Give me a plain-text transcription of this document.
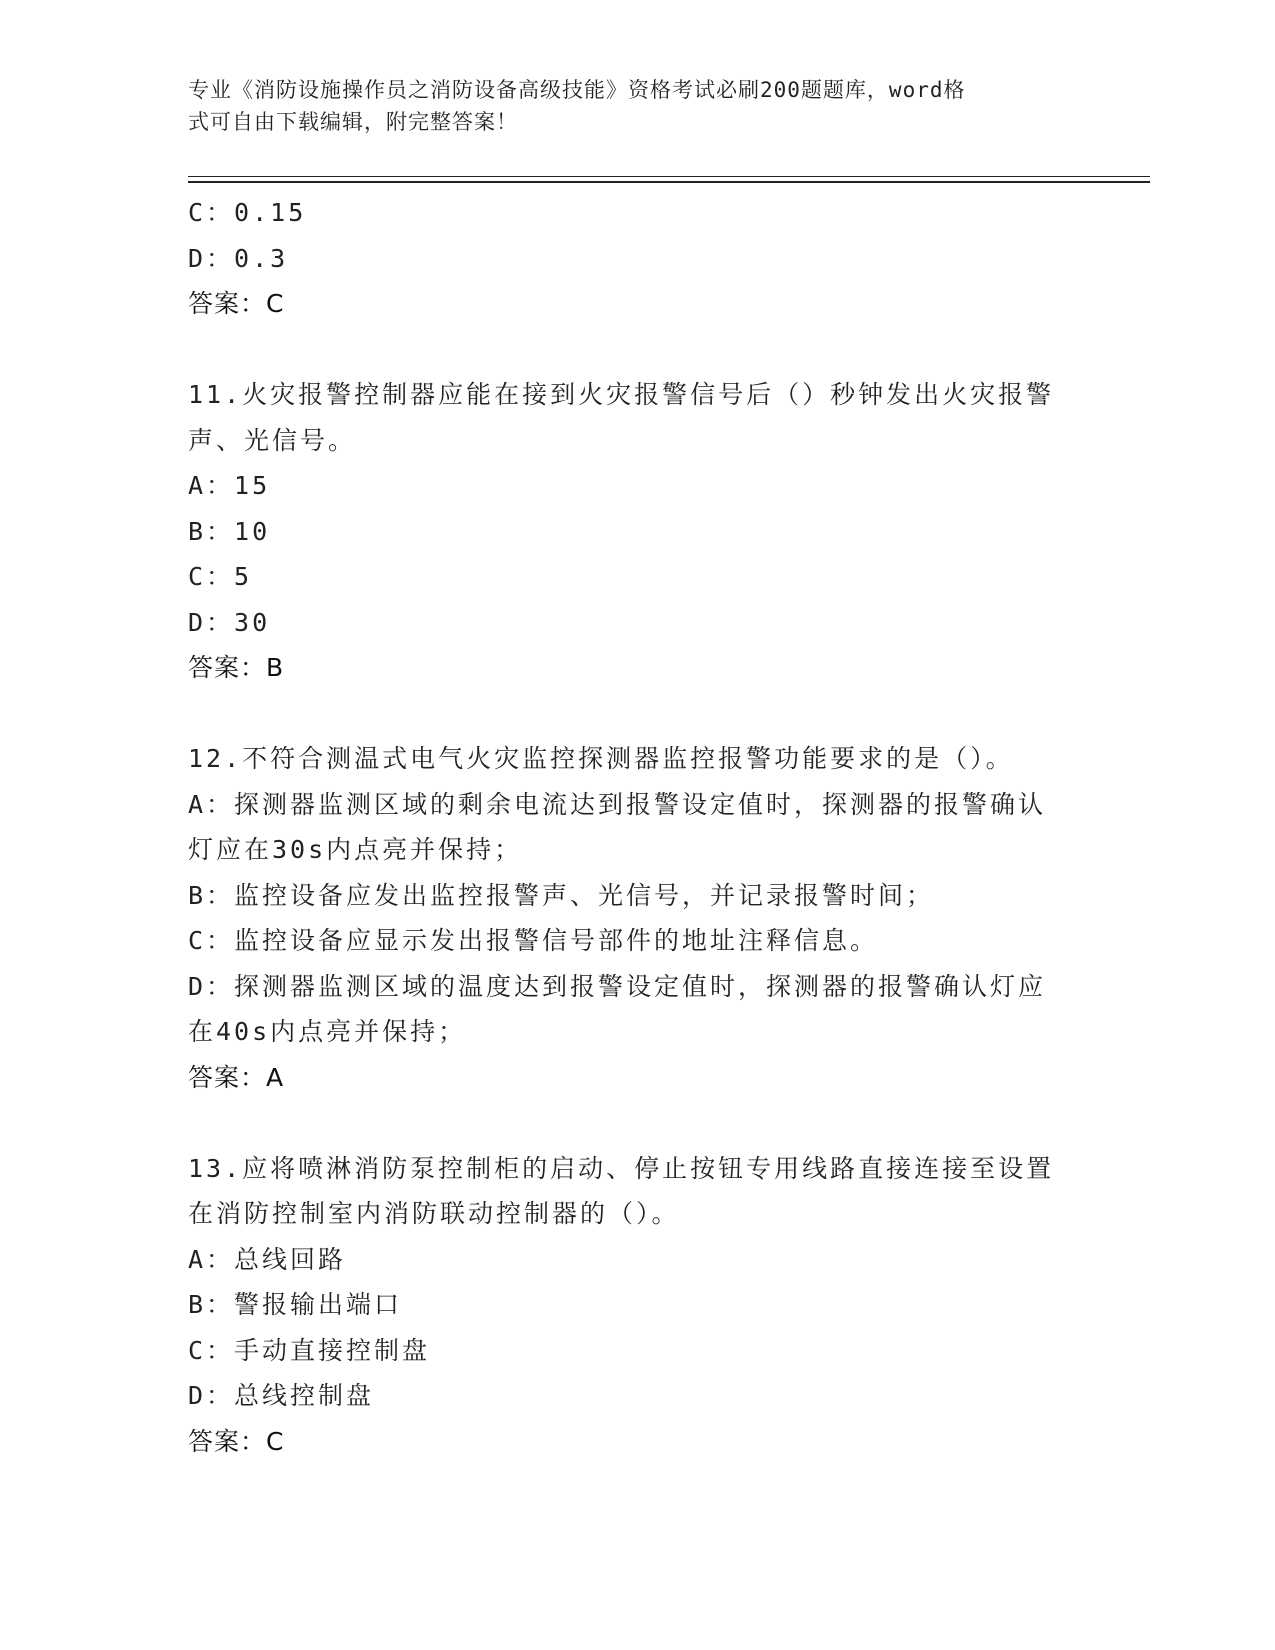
专业《消防设施操作员之消防设备高级技能》资格考试必刷200题题库，word格
式可自由下载编辑，附完整答案！
C：0.15
D：0.3
答案：C
11.火灾报警控制器应能在接到火灾报警信号后（）秒钟发出火灾报警
声、光信号。
A：15
B：10
C：5
D：30
答案：B
12.不符合测温式电气火灾监控探测器监控报警功能要求的是（）。
A：探测器监测区域的剩余电流达到报警设定值时，探测器的报警确认
灯应在30s内点亮并保持；
B：监控设备应发出监控报警声、光信号，并记录报警时间；
C：监控设备应显示发出报警信号部件的地址注释信息。
D：探测器监测区域的温度达到报警设定值时，探测器的报警确认灯应
在40s内点亮并保持；
答案：A
13.应将喷淋消防泵控制柜的启动、停止按钮专用线路直接连接至设置
在消防控制室内消防联动控制器的（）。
A：总线回路
B：警报输出端口
C：手动直接控制盘
D：总线控制盘
答案：C
